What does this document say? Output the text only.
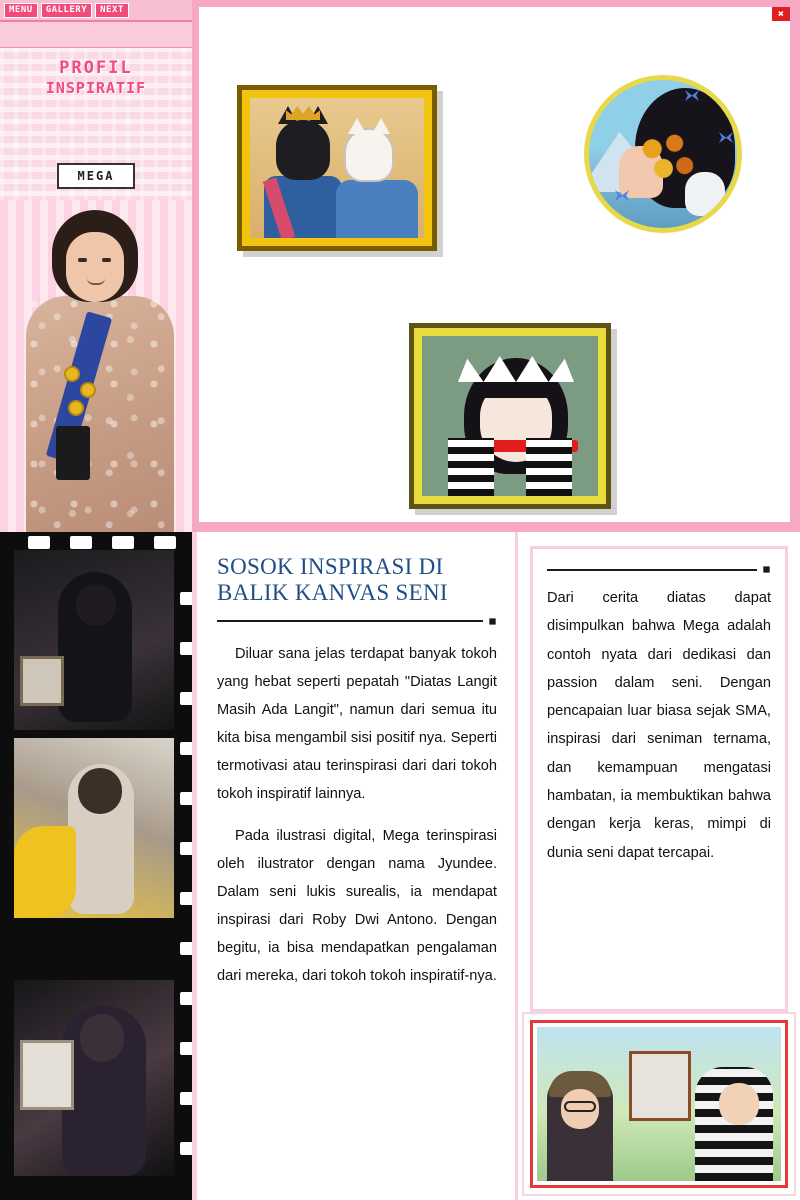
MENU	GALLERY	NEXT
PROFIL
INSPIRATIF
MEGA
✖
SOSOK INSPIRASI DI
BALIK KANVAS SENI

Diluar sana jelas terdapat banyak tokoh yang hebat seperti pepatah "Diatas Langit Masih Ada Langit", namun dari semua itu kita bisa mengambil sisi positif nya. Seperti termotivasi atau terinspirasi dari dari tokoh tokoh inspiratif lainnya.

Pada ilustrasi digital, Mega terinspirasi oleh ilustrator dengan nama Jyundee. Dalam seni lukis surealis, ia mendapat inspirasi dari Roby Dwi Antono. Dengan begitu, ia bisa mendapatkan pengalaman dari mereka, dari tokoh tokoh inspiratif-nya.

Dari cerita diatas dapat disimpulkan bahwa Mega adalah contoh nyata dari dedikasi dan passion dalam seni. Dengan pencapaian luar biasa sejak SMA, inspirasi dari seniman ternama, dan kemampuan mengatasi hambatan, ia membuktikan bahwa dengan kerja keras, mimpi di dunia seni dapat tercapai.
